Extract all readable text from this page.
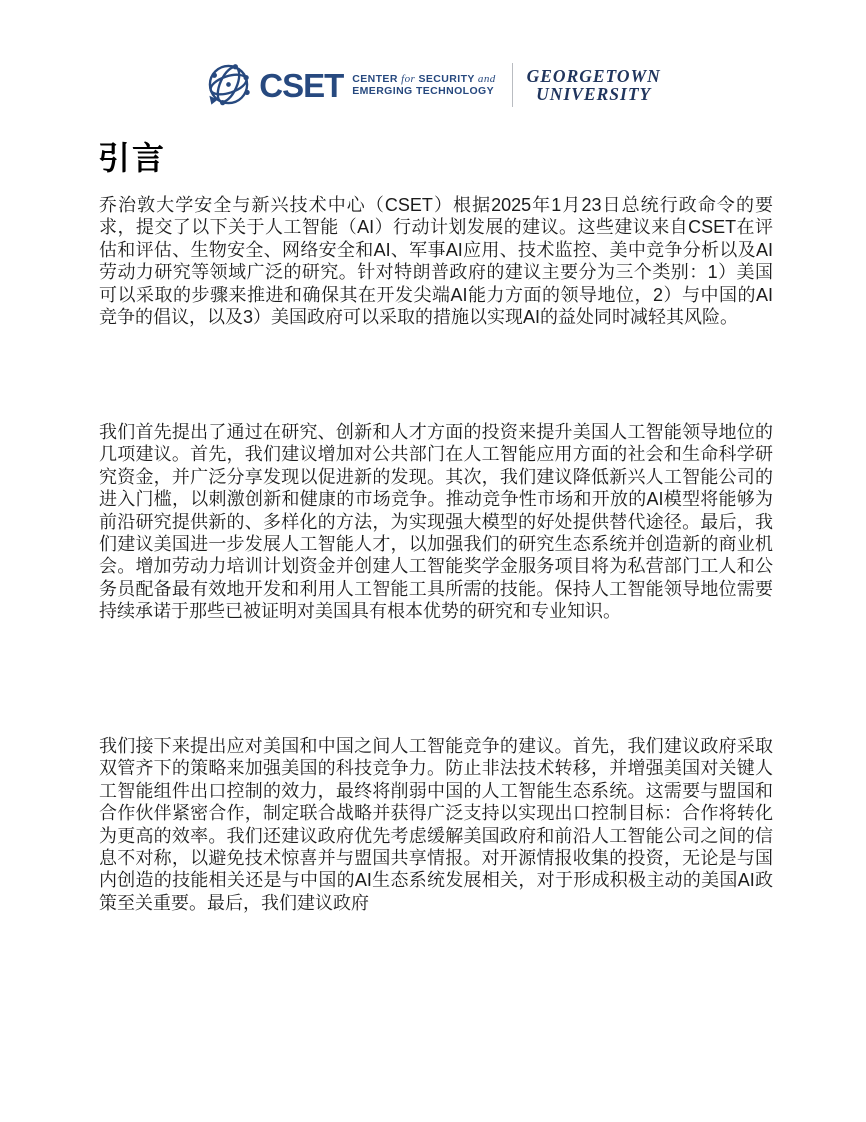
CSET CENTER for SECURITY and
EMERGING TECHNOLOGY
GEORGETOWN
UNIVERSITY
引言

乔治敦大学安全与新兴技术中心（CSET）根据2025年1月23日总统行政命令的要求，提交了以下关于人工智能（AI）行动计划发展的建议。这些建议来自CSET在评估和评估、生物安全、网络安全和AI、军事AI应用、技术监控、美中竞争分析以及AI劳动力研究等领域广泛的研究。针对特朗普政府的建议主要分为三个类别：1）美国可以采取的步骤来推进和确保其在开发尖端AI能力方面的领导地位，2）与中国的AI竞争的倡议，以及3）美国政府可以采取的措施以实现AI的益处同时减轻其风险。

我们首先提出了通过在研究、创新和人才方面的投资来提升美国人工智能领导地位的几项建议。首先，我们建议增加对公共部门在人工智能应用方面的社会和生命科学研究资金，并广泛分享发现以促进新的发现。其次，我们建议降低新兴人工智能公司的进入门槛，以刺激创新和健康的市场竞争。推动竞争性市场和开放的AI模型将能够为前沿研究提供新的、多样化的方法，为实现强大模型的好处提供替代途径。最后，我们建议美国进一步发展人工智能人才，以加强我们的研究生态系统并创造新的商业机会。增加劳动力培训计划资金并创建人工智能奖学金服务项目将为私营部门工人和公务员配备最有效地开发和利用人工智能工具所需的技能。保持人工智能领导地位需要持续承诺于那些已被证明对美国具有根本优势的研究和专业知识。

我们接下来提出应对美国和中国之间人工智能竞争的建议。首先，我们建议政府采取双管齐下的策略来加强美国的科技竞争力。防止非法技术转移，并增强美国对关键人工智能组件出口控制的效力，最终将削弱中国的人工智能生态系统。这需要与盟国和合作伙伴紧密合作，制定联合战略并获得广泛支持以实现出口控制目标：合作将转化为更高的效率。我们还建议政府优先考虑缓解美国政府和前沿人工智能公司之间的信息不对称，以避免技术惊喜并与盟国共享情报。对开源情报收集的投资，无论是与国内创造的技能相关还是与中国的AI生态系统发展相关，对于形成积极主动的美国AI政策至关重要。最后，我们建议政府
